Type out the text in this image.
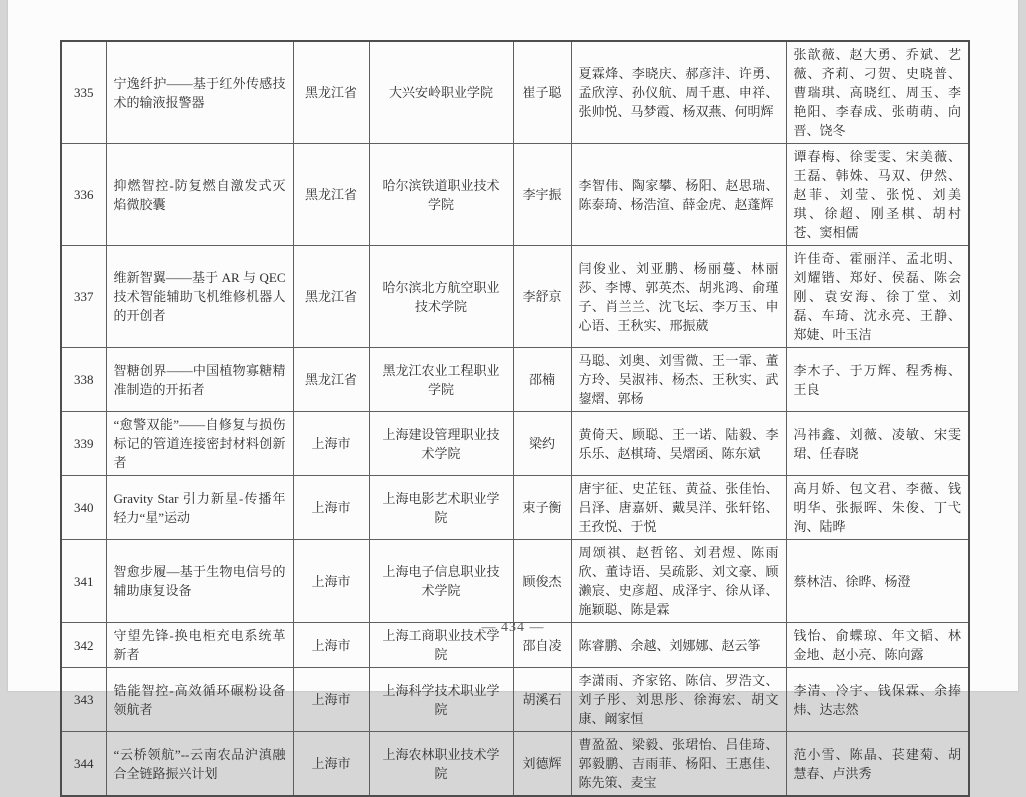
335	宁逸纤护——基于红外传感技术的输液报警器	黑龙江省	大兴安岭职业学院	崔子聪	夏霖烽、李晓庆、郝彦沣、许勇、孟欣淳、孙仪航、周千惠、申祥、张帅悦、马梦霞、杨双燕、何明辉	张歆薇、赵大勇、乔斌、艺薇、齐莉、刁贺、史晓普、曹瑞琪、高晓红、周玉、李艳阳、李春成、张萌萌、向晋、饶冬
336	抑燃智控-防复燃自激发式灭焰微胶囊	黑龙江省	哈尔滨铁道职业技术学院	李宇振	李智伟、陶家攀、杨阳、赵思瑞、陈泰琦、杨浩渲、薛金虎、赵蓬辉	谭春梅、徐雯雯、宋美薇、王磊、韩姝、马双、伊然、赵菲、刘莹、张悦、刘美琪、徐超、刚圣棋、胡村苍、窦相儒
337	维新智翼——基于 AR 与 QEC 技术智能辅助飞机维修机器人的开创者	黑龙江省	哈尔滨北方航空职业技术学院	李舒京	闫俊业、刘亚鹏、杨丽蔓、林丽莎、李博、郭英杰、胡兆鸿、俞瑾子、肖兰兰、沈飞坛、李万玉、申心语、王秋实、邢振葳	许佳奇、霍丽洋、孟北明、刘耀锴、郑好、侯磊、陈会刚、袁安海、徐丁堂、刘磊、车琦、沈永亮、王静、郑婕、叶玉洁
338	智糖创界——中国植物寡糖精准制造的开拓者	黑龙江省	黑龙江农业工程职业学院	邵楠	马聪、刘奥、刘雪微、王一霏、董方玲、吴淑祎、杨杰、王秋实、武鋆熠、郭杨	李木子、于万辉、程秀梅、王良
339	“愈警双能”——自修复与损伤标记的管道连接密封材料创新者	上海市	上海建设管理职业技术学院	梁约	黄倚天、顾聪、王一诺、陆毅、李乐乐、赵棋琦、吴熠函、陈东斌	冯祎鑫、刘薇、凌敏、宋雯珺、任春晓
340	Gravity Star 引力新星-传播年轻力“星”运动	上海市	上海电影艺术职业学院	束子衡	唐宇征、史芷钰、黄益、张佳怡、吕泽、唐嘉妍、戴昊洋、张轩铭、王孜悦、于悦	高月娇、包文君、李薇、钱明华、张振晖、朱俊、丁弋洵、陆晔
341	智愈步履—基于生物电信号的辅助康复设备	上海市	上海电子信息职业技术学院	顾俊杰	周颂祺、赵哲铭、刘君煜、陈雨欣、董诗语、吴疏影、刘文豪、顾濑宸、史彦超、成泽宇、徐从译、施颖聪、陈是霖	蔡林洁、徐晔、杨澄
342	守望先锋-换电柜充电系统革新者	上海市	上海工商职业技术学院	邵自凌	陈睿鹏、余越、刘娜娜、赵云筝	钱怡、俞蝶琼、年文韬、林金地、赵小亮、陈向露
343	锆能智控-高效循环碾粉设备领航者	上海市	上海科学技术职业学院	胡溪石	李潇雨、齐家铭、陈信、罗浩文、刘子彤、刘思彤、徐海宏、胡文康、阚家恒	李清、冷宇、钱保霖、余捧炜、达志然
344	“云桥领航”--云南农品沪滇融合全链路振兴计划	上海市	上海农林职业技术学院	刘德辉	曹盈盈、梁毅、张珺怡、吕佳琦、郭毅鹏、吉雨菲、杨阳、王惠佳、陈先策、麦宝	范小雪、陈晶、苌建菊、胡慧春、卢洪秀
— 434 —
